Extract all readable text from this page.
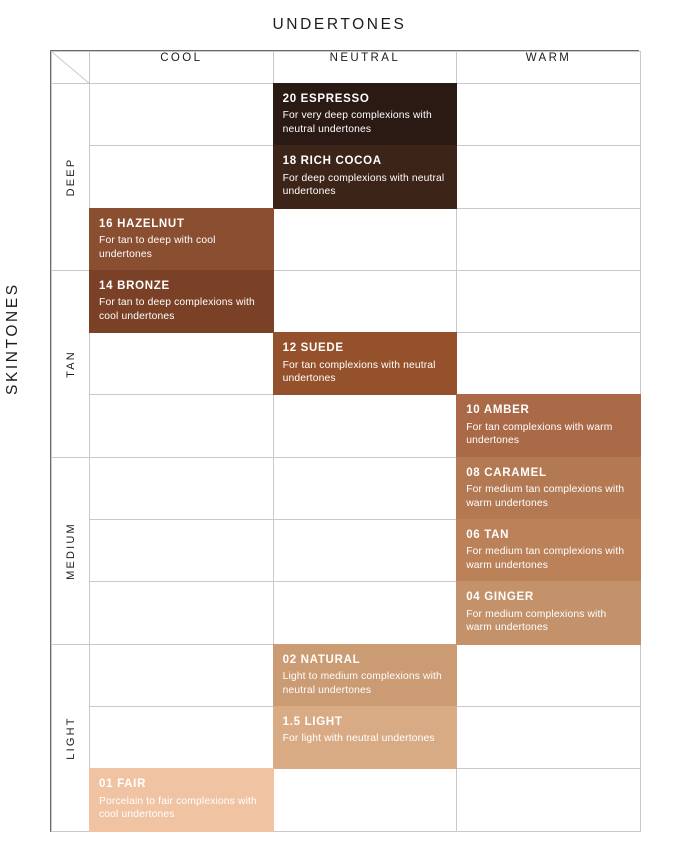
UNDERTONES
SKINTONES
	COOL	NEUTRAL	WARM

DEEP		20 ESPRESSO
For very deep complexions with neutral undertones	

		18 RICH COCOA
For deep complexions with neutral undertones	

	16 HAZELNUT
For tan to deep with cool undertones		

TAN	14 BRONZE
For tan to deep complexions with cool undertones		

		12 SUEDE
For tan complexions with neutral undertones	

			10 AMBER
For tan complexions with warm undertones

MEDIUM			08 CARAMEL
For medium tan complexions with warm undertones

			06 TAN
For medium tan complexions with warm undertones

			04 GINGER
For medium complexions with warm undertones

LIGHT		02 NATURAL
Light to medium complexions with neutral undertones	

		1.5 LIGHT
For light with neutral undertones	

	01 FAIR
Porcelain to fair complexions with cool undertones		
